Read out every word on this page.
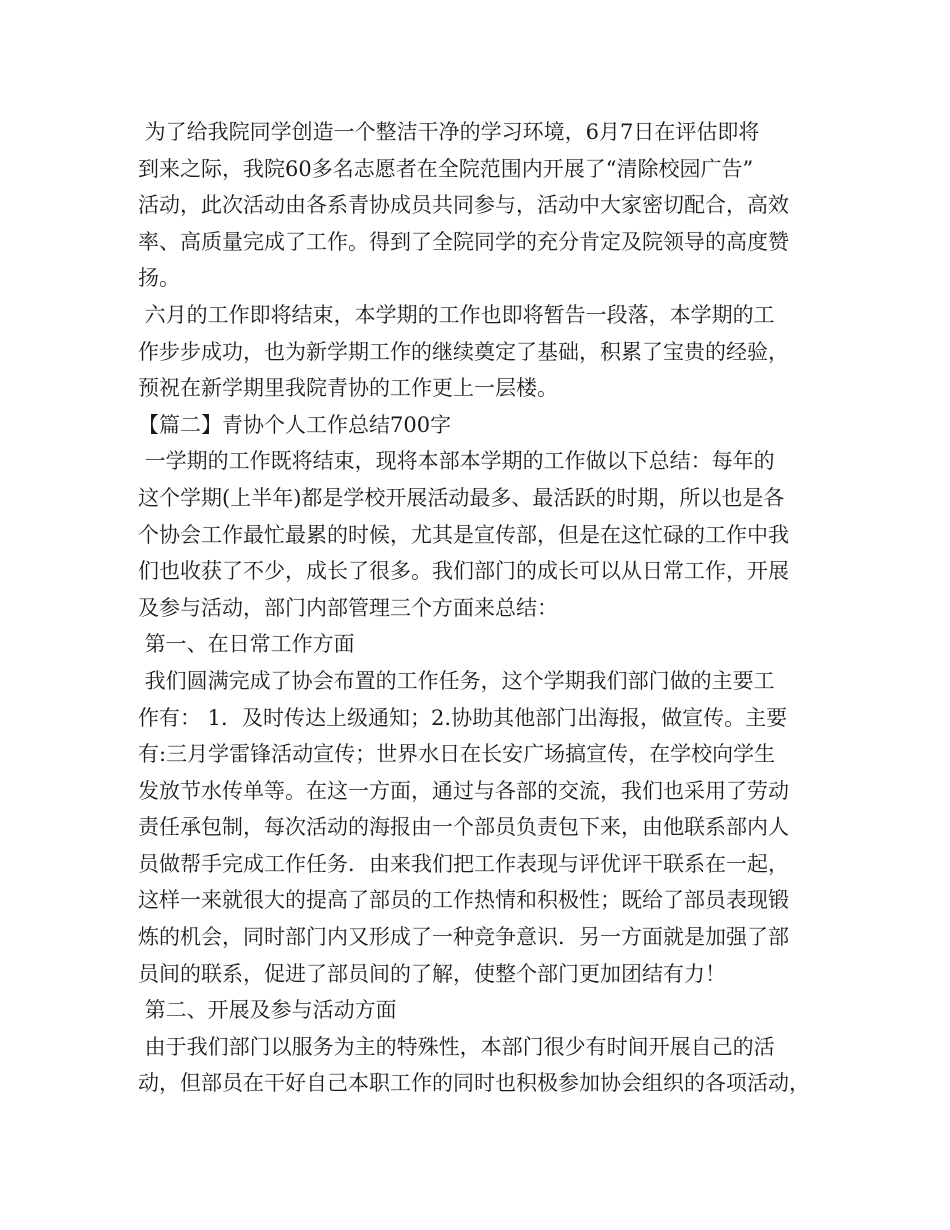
为了给我院同学创造一个整洁干净的学习环境，6月7日在评估即将
到来之际，我院60多名志愿者在全院范围内开展了“清除校园广告”
活动，此次活动由各系青协成员共同参与，活动中大家密切配合，高效
率、高质量完成了工作。得到了全院同学的充分肯定及院领导的高度赞
扬。
六月的工作即将结束，本学期的工作也即将暂告一段落，本学期的工
作步步成功，也为新学期工作的继续奠定了基础，积累了宝贵的经验，
预祝在新学期里我院青协的工作更上一层楼。
【篇二】青协个人工作总结700字
一学期的工作既将结束，现将本部本学期的工作做以下总结：每年的
这个学期(上半年)都是学校开展活动最多、最活跃的时期，所以也是各
个协会工作最忙最累的时候，尤其是宣传部，但是在这忙碌的工作中我
们也收获了不少，成长了很多。我们部门的成长可以从日常工作，开展
及参与活动，部门内部管理三个方面来总结：
第一、在日常工作方面
我们圆满完成了协会布置的工作任务，这个学期我们部门做的主要工
作有： 1．及时传达上级通知；2.协助其他部门出海报，做宣传。主要
有:三月学雷锋活动宣传；世界水日在长安广场搞宣传，在学校向学生
发放节水传单等。在这一方面，通过与各部的交流，我们也采用了劳动
责任承包制，每次活动的海报由一个部员负责包下来，由他联系部内人
员做帮手完成工作任务．由来我们把工作表现与评优评干联系在一起，
这样一来就很大的提高了部员的工作热情和积极性；既给了部员表现锻
炼的机会，同时部门内又形成了一种竞争意识．另一方面就是加强了部
员间的联系，促进了部员间的了解，使整个部门更加团结有力！
第二、开展及参与活动方面
由于我们部门以服务为主的特殊性，本部门很少有时间开展自己的活
动，但部员在干好自己本职工作的同时也积极参加协会组织的各项活动，
